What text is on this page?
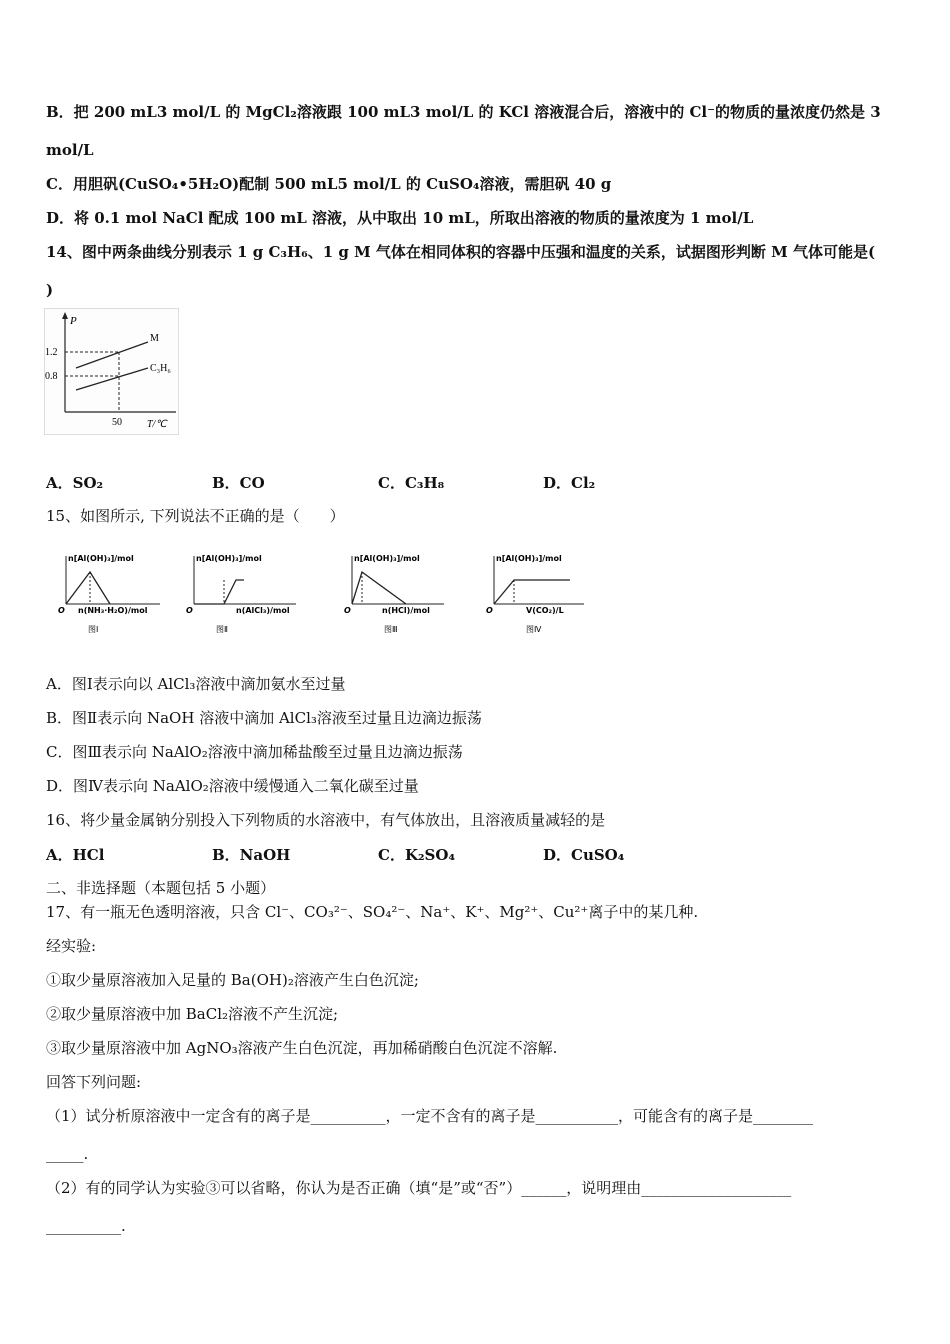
B．把 200 mL3 mol/L 的 MgCl₂溶液跟 100 mL3 mol/L 的 KCl 溶液混合后，溶液中的 Cl⁻的物质的量浓度仍然是 3
mol/L
C．用胆矾(CuSO₄•5H₂O)配制 500 mL5 mol/L 的 CuSO₄溶液，需胆矾 40 g
D．将 0.1 mol NaCl 配成 100 mL 溶液，从中取出 10 mL，所取出溶液的物质的量浓度为 1 mol/L
14、图中两条曲线分别表示 1 g C₃H₆、1 g M 气体在相同体积的容器中压强和温度的关系，试据图形判断 M 气体可能是(
)
P
1.2
0.8
M
C₃H₆
50	T/℃
A．SO₂	B．CO	C．C₃H₈	D．Cl₂
15、如图所示, 下列说法不正确的是（　　）
n[Al(OH)₃]/mol
O n(NH₃·H₂O)/mol
图Ⅰ
n[Al(OH)₃]/mol
O	n(AlCl₃)/mol
图Ⅱ
n[Al(OH)₃]/mol
O	n(HCl)/mol
图Ⅲ
n[Al(OH)₃]/mol
O	V(CO₂)/L
图Ⅳ
A．图Ⅰ表示向以 AlCl₃溶液中滴加氨水至过量
B．图Ⅱ表示向 NaOH 溶液中滴加 AlCl₃溶液至过量且边滴边振荡
C．图Ⅲ表示向 NaAlO₂溶液中滴加稀盐酸至过量且边滴边振荡
D．图Ⅳ表示向 NaAlO₂溶液中缓慢通入二氧化碳至过量
16、将少量金属钠分别投入下列物质的水溶液中，有气体放出，且溶液质量减轻的是
A．HCl	B．NaOH	C．K₂SO₄	D．CuSO₄
二、非选择题（本题包括 5 小题）
17、有一瓶无色透明溶液，只含 Cl⁻、CO₃²⁻、SO₄²⁻、Na⁺、K⁺、Mg²⁺、Cu²⁺离子中的某几种.
经实验:
①取少量原溶液加入足量的 Ba(OH)₂溶液产生白色沉淀;
②取少量原溶液中加 BaCl₂溶液不产生沉淀;
③取少量原溶液中加 AgNO₃溶液产生白色沉淀，再加稀硝酸白色沉淀不溶解.
回答下列问题:
（1）试分析原溶液中一定含有的离子是__________，一定不含有的离子是___________，可能含有的离子是________
_____.
（2）有的同学认为实验③可以省略，你认为是否正确（填“是”或“否”）______，说明理由____________________
__________.
